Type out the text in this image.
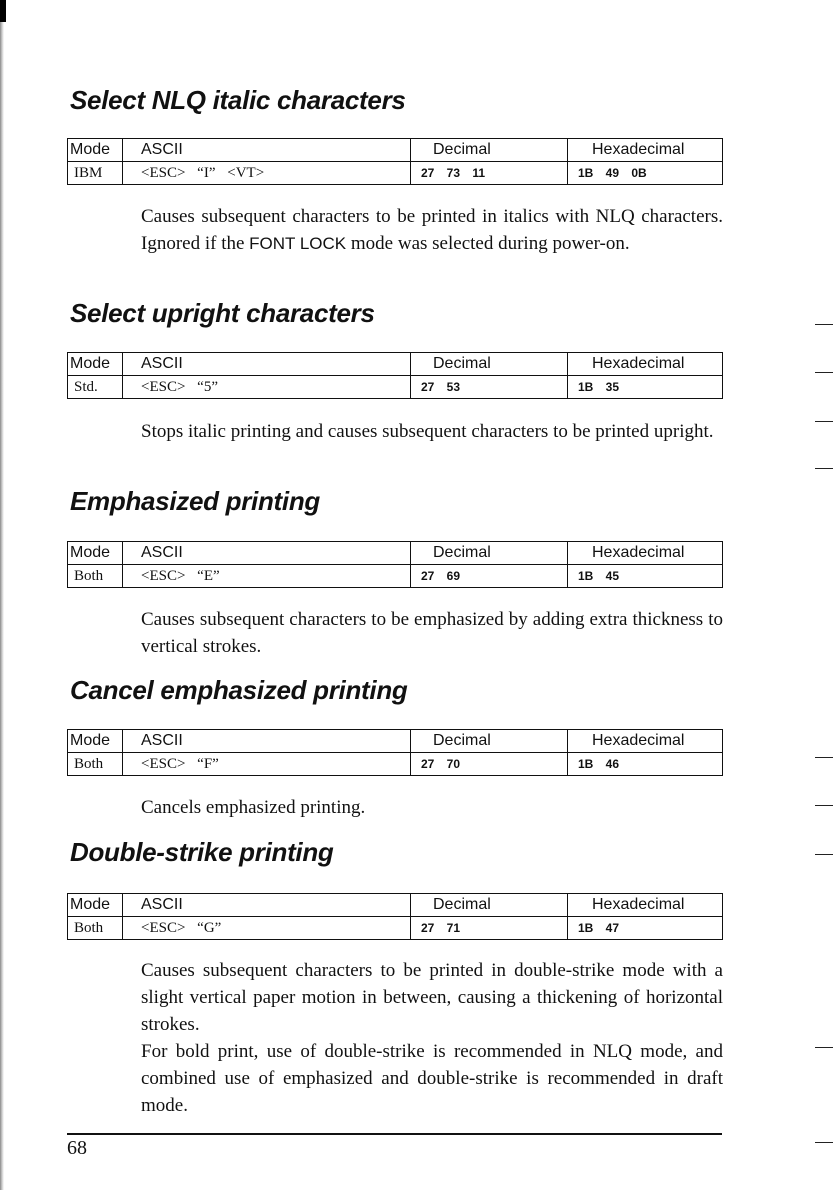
Select NLQ italic characters
Mode	ASCII	Decimal	Hexadecimal
IBM	<ESC> “I” <VT>	27 73 11	1B 49 0B

Causes subsequent characters to be printed in italics with NLQ characters. Ignored if the FONT LOCK mode was selected during power-on.

Select upright characters
Mode	ASCII	Decimal	Hexadecimal
Std.	<ESC> “5”	27 53	1B 35

Stops italic printing and causes subsequent characters to be printed upright.

Emphasized printing
Mode	ASCII	Decimal	Hexadecimal
Both	<ESC> “E”	27 69	1B 45

Causes subsequent characters to be emphasized by adding extra thickness to vertical strokes.

Cancel emphasized printing
Mode	ASCII	Decimal	Hexadecimal
Both	<ESC> “F”	27 70	1B 46

Cancels emphasized printing.

Double-strike printing
Mode	ASCII	Decimal	Hexadecimal
Both	<ESC> “G”	27 71	1B 47

Causes subsequent characters to be printed in double-strike mode with a slight vertical paper motion in between, causing a thickening of horizontal strokes.

For bold print, use of double-strike is recommended in NLQ mode, and combined use of emphasized and double-strike is recommended in draft mode.

68
